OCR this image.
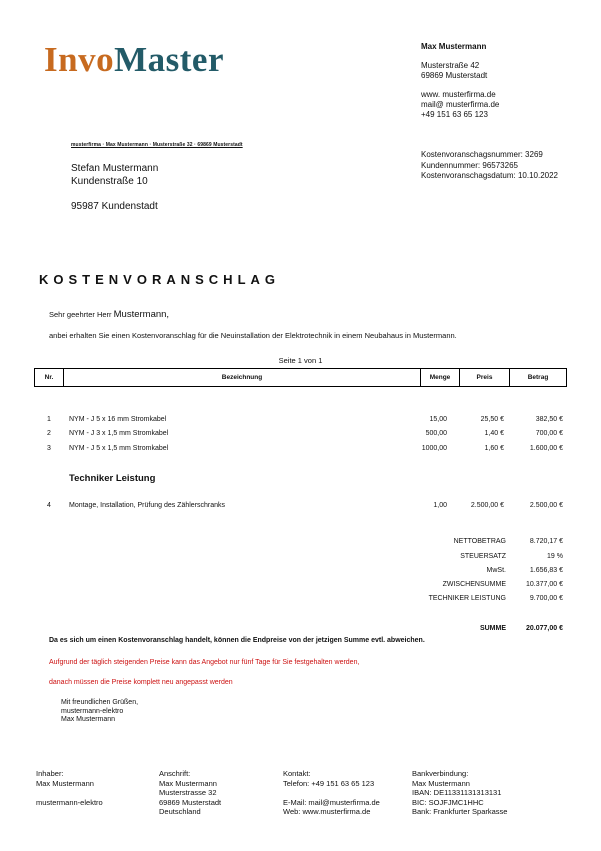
InvoMaster	Max Mustermann
Musterstraße 42
69869 Musterstadt
www. musterfirma.de
mail@ musterfirma.de
+49 151 63 65 123
musterfirma · Max Mustermann · Musterstraße 32 · 69869 Musterstadt
Stefan Mustermann
Kundenstraße 10
95987 Kundenstadt
Kostenvoranschagsnummer: 3269
Kundennummer: 96573265
Kostenvoranschagsdatum: 10.10.2022
KOSTENVORANSCHLAG
Sehr geehrter Herr Mustermann,
anbei erhalten Sie einen Kostenvoranschlag für die Neuinstallation der Elektrotechnik in einem Neubahaus in Mustermann.
Seite 1 von 1
Nr.	Bezeichnung	Menge	Preis	Betrag
1	NYM - J 5 x 16 mm Stromkabel	15,00	25,50 €	382,50 €
2	NYM - J 3 x 1,5 mm Stromkabel	500,00	1,40 €	700,00 €
3	NYM - J 5 x 1,5 mm Stromkabel	1000,00	1,60 €	1.600,00 €
Techniker Leistung
4	Montage, Installation, Prüfung des Zählerschranks	1,00	2.500,00 €	2.500,00 €
NETTOBETRAG	8.720,17 €
STEUERSATZ	19 %
MwSt.	1.656,83 €
ZWISCHENSUMME	10.377,00 €
TECHNIKER LEISTUNG	9.700,00 €
SUMME	20.077,00 €
Da es sich um einen Kostenvoranschlag handelt, können die Endpreise von der jetzigen Summe evtl. abweichen.
Aufgrund der täglich steigenden Preise kann das Angebot nur fünf Tage für Sie festgehalten werden,
danach müssen die Preise komplett neu angepasst werden
Mit freundlichen Grüßen,
mustermann-elektro
Max Mustermann
Inhaber:
Max Mustermann
mustermann-elektro
Anschrift:
Max Mustermann
Musterstrasse 32
69869 Musterstadt
Deutschland
Kontakt:
Telefon: +49 151 63 65 123
E-Mail: mail@musterfirma.de
Web: www.musterfirma.de
Bankverbindung:
Max Mustermann
IBAN: DE11331131313131
BIC: SOJFJMC1HHC
Bank: Frankfurter Sparkasse
